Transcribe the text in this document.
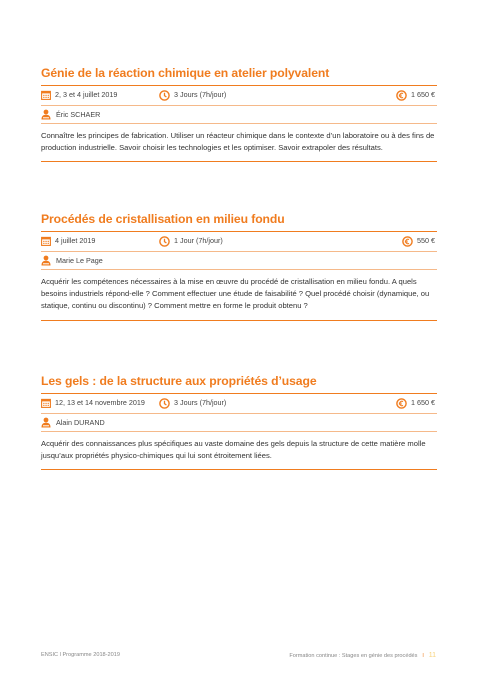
Génie de la réaction chimique en atelier polyvalent
2, 3 et 4 juillet 2019	3 Jours (7h/jour)	1 650 €
Éric SCHAER

Connaître les principes de fabrication. Utiliser un réacteur chimique dans le contexte d’un laboratoire ou à des fins de production industrielle. Savoir choisir les technologies et les optimiser. Savoir extrapoler des résultats.

Procédés de cristallisation en milieu fondu
4 juillet 2019	1 Jour (7h/jour)	550 €
Marie Le Page

Acquérir les compétences nécessaires à la mise en œuvre du procédé de cristallisation en milieu fondu. A quels besoins industriels répond-elle ? Comment effectuer une étude de faisabilité ? Quel procédé choisir (dynamique, ou statique, continu ou discontinu) ? Comment mettre en forme le produit obtenu ?

Les gels : de la structure aux propriétés d’usage
12, 13 et 14 novembre 2019	3 Jours (7h/jour)	1 650 €
Alain DURAND

Acquérir des connaissances plus spécifiques au vaste domaine des gels depuis la structure de cette matière molle jusqu’aux propriétés physico-chimiques qui lui sont étroitement liées.

ENSIC l Programme 2018-2019	Formation continue : Stages en génie des procédés l 11
